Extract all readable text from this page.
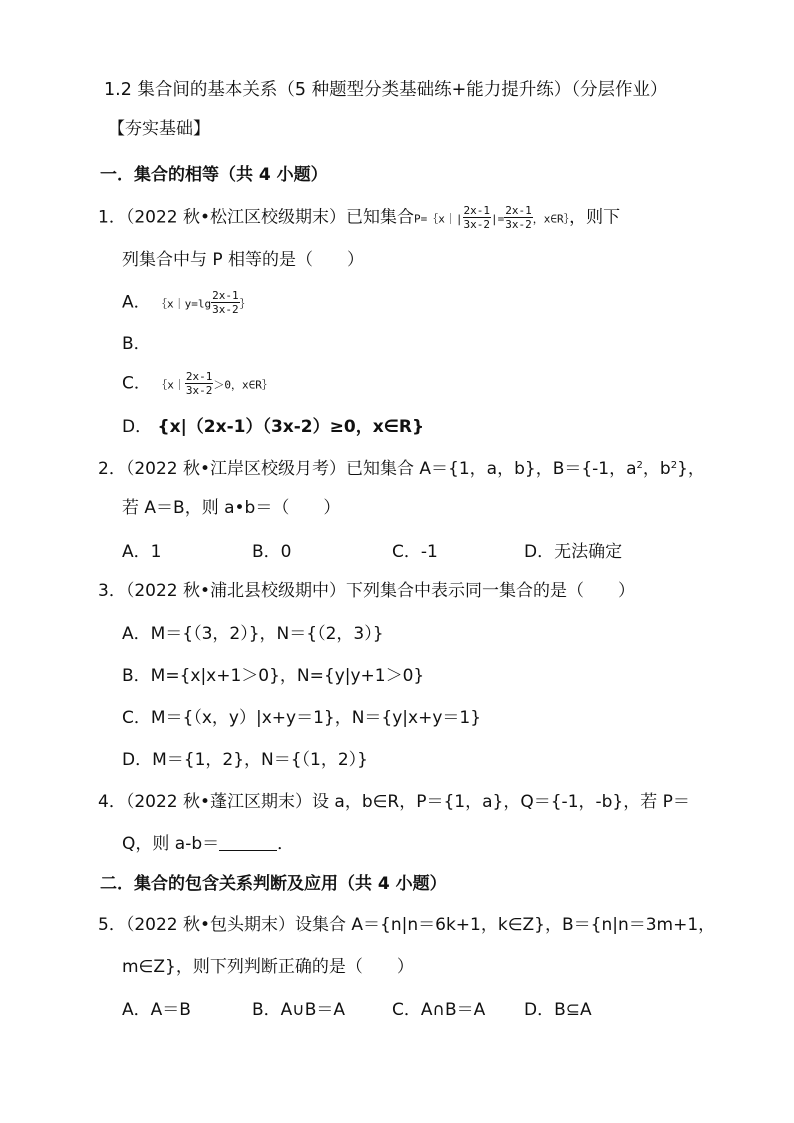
1.2 集合间的基本关系（5 种题型分类基础练+能力提升练）（分层作业）
【夯实基础】
一．集合的相等（共 4 小题）
1．（2022 秋•松江区校级期末）已知集合P=｛x｜| $\frac{2x-1}{3x-2}$ |= $\frac{2x-1}{3x-2}$ ，x∈R｝，则下
列集合中与 P 相等的是（　　）
A． ｛x｜y=lg $\frac{2x-1}{3x-2}$ ｝
B．
C． ｛x｜ $\frac{2x-1}{3x-2} >0$，x∈R｝
D． {x|（2x-1）（3x-2）≥0，x∈R}
2．（2022 秋•江岸区校级月考）已知集合 A＝{1，a，b}，B＝{-1，$a^2$，$b^2$}，
若 A＝B，则 a•b＝（　　）
A．1	B．0	C．-1	D．无法确定
3．（2022 秋•浦北县校级期中）下列集合中表示同一集合的是（　　）
A．M＝{（3，2）}，N＝{（2，3）}
B．M={x|x+1＞0}，N={y|y+1＞0}
C．M＝{（x，y）|x+y＝1}，N＝{y|x+y＝1}
D．M＝{1，2}，N＝{（1，2）}
4．（2022 秋•蓬江区期末）设 a，b∈R，P＝{1，a}，Q＝{-1，-b}，若 P＝
Q，则 a-b＝	．
二．集合的包含关系判断及应用（共 4 小题）
5．（2022 秋•包头期末）设集合 A＝{n|n＝6k+1，k∈Z}，B＝{n|n＝3m+1，
m∈Z}，则下列判断正确的是（　　）
A．A＝B	B．A∪B＝A	C．A∩B＝A D．B⊆A
